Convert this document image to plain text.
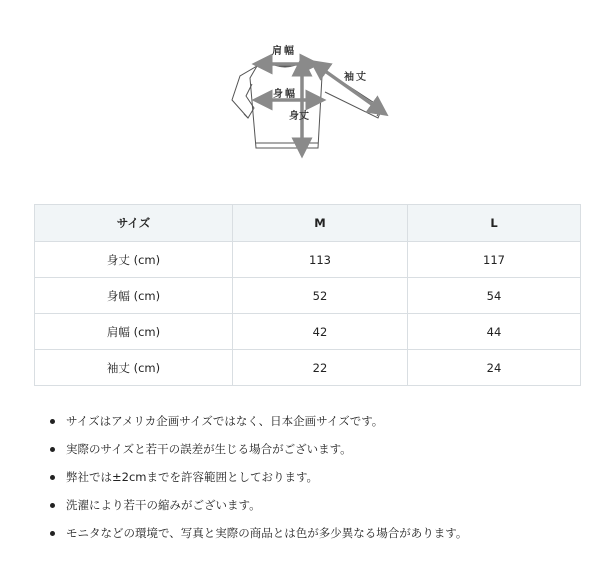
肩幅
袖丈
身幅
身丈
サイズ	M	L
身丈 (cm)	113	117
身幅 (cm)	52	54
肩幅 (cm)	42	44
袖丈 (cm)	22	24
サイズはアメリカ企画サイズではなく、日本企画サイズです。
実際のサイズと若干の誤差が生じる場合がございます。
弊社では±2cmまでを許容範囲としております。
洗濯により若干の縮みがございます。
モニタなどの環境で、写真と実際の商品とは色が多少異なる場合があります。
